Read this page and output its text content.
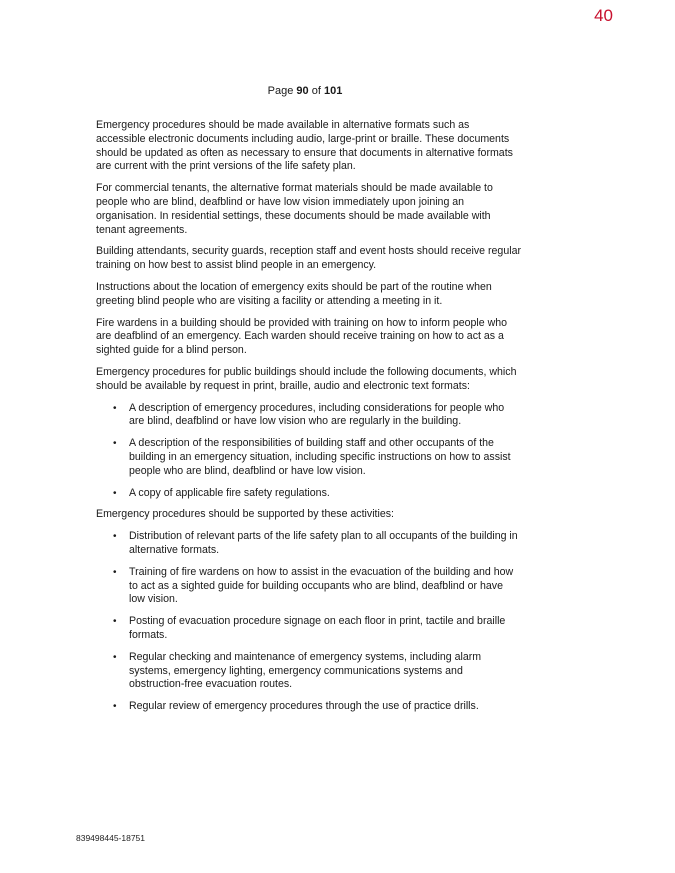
40
Page 90 of 101

Emergency procedures should be made available in alternative formats such as accessible electronic documents including audio, large-print or braille. These documents should be updated as often as necessary to ensure that documents in alternative formats are current with the print versions of the life safety plan.

For commercial tenants, the alternative format materials should be made available to people who are blind, deafblind or have low vision immediately upon joining an organisation. In residential settings, these documents should be made available with tenant agreements.

Building attendants, security guards, reception staff and event hosts should receive regular training on how best to assist blind people in an emergency.

Instructions about the location of emergency exits should be part of the routine when greeting blind people who are visiting a facility or attending a meeting in it.

Fire wardens in a building should be provided with training on how to inform people who are deafblind of an emergency. Each warden should receive training on how to act as a sighted guide for a blind person.

Emergency procedures for public buildings should include the following documents, which should be available by request in print, braille, audio and electronic text formats:

• A description of emergency procedures, including considerations for people who are blind, deafblind or have low vision who are regularly in the building.
• A description of the responsibilities of building staff and other occupants of the building in an emergency situation, including specific instructions on how to assist people who are blind, deafblind or have low vision.
• A copy of applicable fire safety regulations.

Emergency procedures should be supported by these activities:

• Distribution of relevant parts of the life safety plan to all occupants of the building in alternative formats.
• Training of fire wardens on how to assist in the evacuation of the building and how to act as a sighted guide for building occupants who are blind, deafblind or have low vision.
• Posting of evacuation procedure signage on each floor in print, tactile and braille formats.
• Regular checking and maintenance of emergency systems, including alarm systems, emergency lighting, emergency communications systems and obstruction-free evacuation routes.
• Regular review of emergency procedures through the use of practice drills.
839498445-18751
